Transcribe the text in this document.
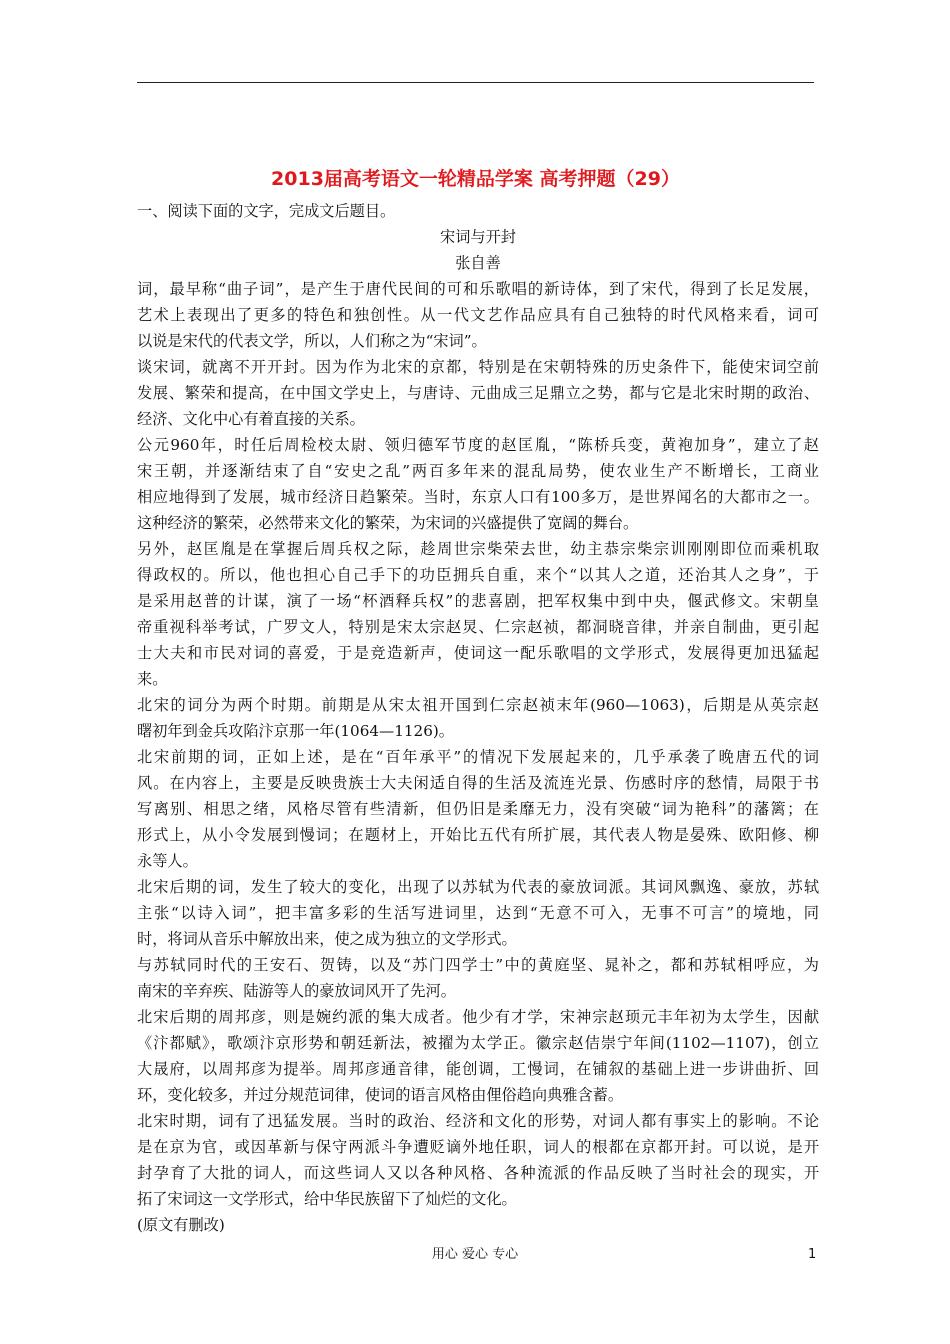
2013届高考语文一轮精品学案 高考押题（29）
一、阅读下面的文字，完成文后题目。
宋词与开封
张自善
词，最早称“曲子词”，是产生于唐代民间的可和乐歌唱的新诗体，到了宋代，得到了长足发展，
艺术上表现出了更多的特色和独创性。从一代文艺作品应具有自己独特的时代风格来看，词可
以说是宋代的代表文学，所以，人们称之为“宋词”。
谈宋词，就离不开开封。因为作为北宋的京都，特别是在宋朝特殊的历史条件下，能使宋词空前
发展、繁荣和提高，在中国文学史上，与唐诗、元曲成三足鼎立之势，都与它是北宋时期的政治、
经济、文化中心有着直接的关系。
公元960年，时任后周检校太尉、领归德军节度的赵匡胤，“陈桥兵变，黄袍加身”，建立了赵
宋王朝，并逐渐结束了自“安史之乱”两百多年来的混乱局势，使农业生产不断增长，工商业
相应地得到了发展，城市经济日趋繁荣。当时，东京人口有100多万，是世界闻名的大都市之一。
这种经济的繁荣，必然带来文化的繁荣，为宋词的兴盛提供了宽阔的舞台。
另外，赵匡胤是在掌握后周兵权之际，趁周世宗柴荣去世，幼主恭宗柴宗训刚刚即位而乘机取
得政权的。所以，他也担心自己手下的功臣拥兵自重，来个“以其人之道，还治其人之身”，于
是采用赵普的计谋，演了一场“杯酒释兵权”的悲喜剧，把军权集中到中央，偃武修文。宋朝皇
帝重视科举考试，广罗文人，特别是宋太宗赵炅、仁宗赵祯，都洞晓音律，并亲自制曲，更引起
士大夫和市民对词的喜爱，于是竞造新声，使词这一配乐歌唱的文学形式，发展得更加迅猛起
来。
北宋的词分为两个时期。前期是从宋太祖开国到仁宗赵祯末年(960—1063)，后期是从英宗赵
曙初年到金兵攻陷汴京那一年(1064—1126)。
北宋前期的词，正如上述，是在“百年承平”的情况下发展起来的，几乎承袭了晚唐五代的词
风。在内容上，主要是反映贵族士大夫闲适自得的生活及流连光景、伤感时序的愁情，局限于书
写离别、相思之绪，风格尽管有些清新，但仍旧是柔靡无力，没有突破“词为艳科”的藩篱；在
形式上，从小令发展到慢词；在题材上，开始比五代有所扩展，其代表人物是晏殊、欧阳修、柳
永等人。
北宋后期的词，发生了较大的变化，出现了以苏轼为代表的豪放词派。其词风飘逸、豪放，苏轼
主张“以诗入词”，把丰富多彩的生活写进词里，达到“无意不可入，无事不可言”的境地，同
时，将词从音乐中解放出来，使之成为独立的文学形式。
与苏轼同时代的王安石、贺铸，以及“苏门四学士”中的黄庭坚、晁补之，都和苏轼相呼应，为
南宋的辛弃疾、陆游等人的豪放词风开了先河。
北宋后期的周邦彦，则是婉约派的集大成者。他少有才学，宋神宗赵顼元丰年初为太学生，因献
《汴都赋》，歌颂汴京形势和朝廷新法，被擢为太学正。徽宗赵佶崇宁年间(1102—1107)，创立
大晟府，以周邦彦为提举。周邦彦通音律，能创调，工慢词，在铺叙的基础上进一步讲曲折、回
环，变化较多，并过分规范词律，使词的语言风格由俚俗趋向典雅含蓄。
北宋时期，词有了迅猛发展。当时的政治、经济和文化的形势，对词人都有事实上的影响。不论
是在京为官，或因革新与保守两派斗争遭贬谪外地任职，词人的根都在京都开封。可以说，是开
封孕育了大批的词人，而这些词人又以各种风格、各种流派的作品反映了当时社会的现实，开
拓了宋词这一文学形式，给中华民族留下了灿烂的文化。
(原文有删改)
用心 爱心 专心	1
